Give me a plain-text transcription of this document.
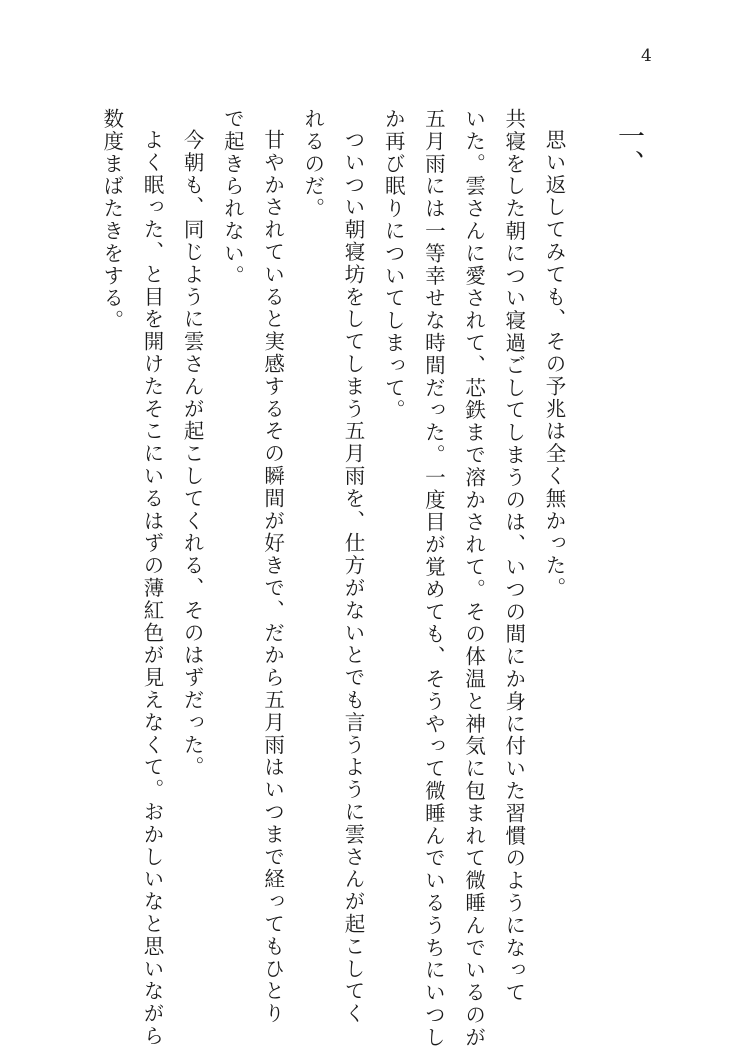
4
一、
思い返してみても、その予兆は全く無かった。
共寝をした朝につい寝過ごしてしまうのは、いつの間にか身に付いた習慣のようになって
いた。雲さんに愛されて、芯鉄まで溶かされて。その体温と神気に包まれて微睡んでいるのが
五月雨には一等幸せな時間だった。一度目が覚めても、そうやって微睡んでいるうちにいつし
か再び眠りについてしまって。
ついつい朝寝坊をしてしまう五月雨を、仕方がないとでも言うように雲さんが起こしてく
れるのだ。
甘やかされていると実感するその瞬間が好きで、だから五月雨はいつまで経ってもひとり
で起きられない。
今朝も、同じように雲さんが起こしてくれる、そのはずだった。
よく眠った、と目を開けたそこにいるはずの薄紅色が見えなくて。おかしいなと思いながら
数度まばたきをする。
